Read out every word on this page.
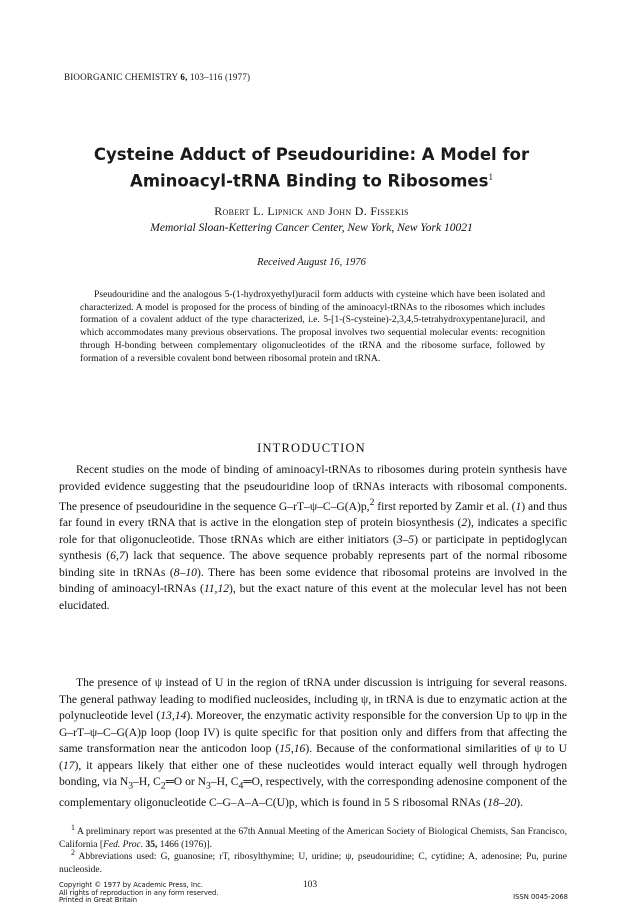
BIOORGANIC CHEMISTRY 6, 103–116 (1977)
Cysteine Adduct of Pseudouridine: A Model for
Aminoacyl-tRNA Binding to Ribosomes$^1$
Robert L. Lipnick and John D. Fissekis
Memorial Sloan-Kettering Cancer Center, New York, New York 10021
Received August 16, 1976

Pseudouridine and the analogous 5-(1-hydroxyethyl)uracil form adducts with cysteine which have been isolated and characterized. A model is proposed for the process of binding of the aminoacyl-tRNAs to the ribosomes which includes formation of a covalent adduct of the type characterized, i.e. 5-[1-(S-cysteine)-2,3,4,5-tetrahydroxypentane]uracil, and which accommodates many previous observations. The proposal involves two sequential molecular events: recognition through H-bonding between complementary oligonucleotides of the tRNA and the ribosome surface, followed by formation of a reversible covalent bond between ribosomal protein and tRNA.

INTRODUCTION

Recent studies on the mode of binding of aminoacyl-tRNAs to ribosomes during protein synthesis have provided evidence suggesting that the pseudouridine loop of tRNAs interacts with ribosomal components. The presence of pseudouridine in the sequence G–rT–ψ–C–G(A)p,$^2$ first reported by Zamir et al. (1) and thus far found in every tRNA that is active in the elongation step of protein biosynthesis (2), indicates a specific role for that oligonucleotide. Those tRNAs which are either initiators (3–5) or participate in peptidoglycan synthesis (6,7) lack that sequence. The above sequence probably represents part of the normal ribosome binding site in tRNAs (8–10). There has been some evidence that ribosomal proteins are involved in the binding of aminoacyl-tRNAs (11,12), but the exact nature of this event at the molecular level has not been elucidated.

The presence of ψ instead of U in the region of tRNA under discussion is intriguing for several reasons. The general pathway leading to modified nucleosides, including ψ, in tRNA is due to enzymatic action at the polynucleotide level (13,14). Moreover, the enzymatic activity responsible for the conversion Up to ψp in the G–rT–ψ–C–G(A)p loop (loop IV) is quite specific for that position only and differs from that affecting the same transformation near the anticodon loop (15,16). Because of the conformational similarities of ψ to U (17), it appears likely that either one of these nucleotides would interact equally well through hydrogen bonding, via $N_3-H$, $C_2═O$ or $N_3-H$, $C_4═O$, respectively, with the corresponding adenosine component of the complementary oligonucleotide C–G–A–A–C(U)p, which is found in 5 S ribosomal RNAs (18–20).

$^1$ A preliminary report was presented at the 67th Annual Meeting of the American Society of Biological Chemists, San Francisco, California [Fed. Proc. 35, 1466 (1976)].

$^2$ Abbreviations used: G, guanosine; rT, ribosylthymine; U, uridine; ψ, pseudouridine; C, cytidine; A, adenosine; Pu, purine nucleoside.

Copyright © 1977 by Academic Press, Inc.
All rights of reproduction in any form reserved.
Printed in Great Britain
103
ISSN 0045-2068
